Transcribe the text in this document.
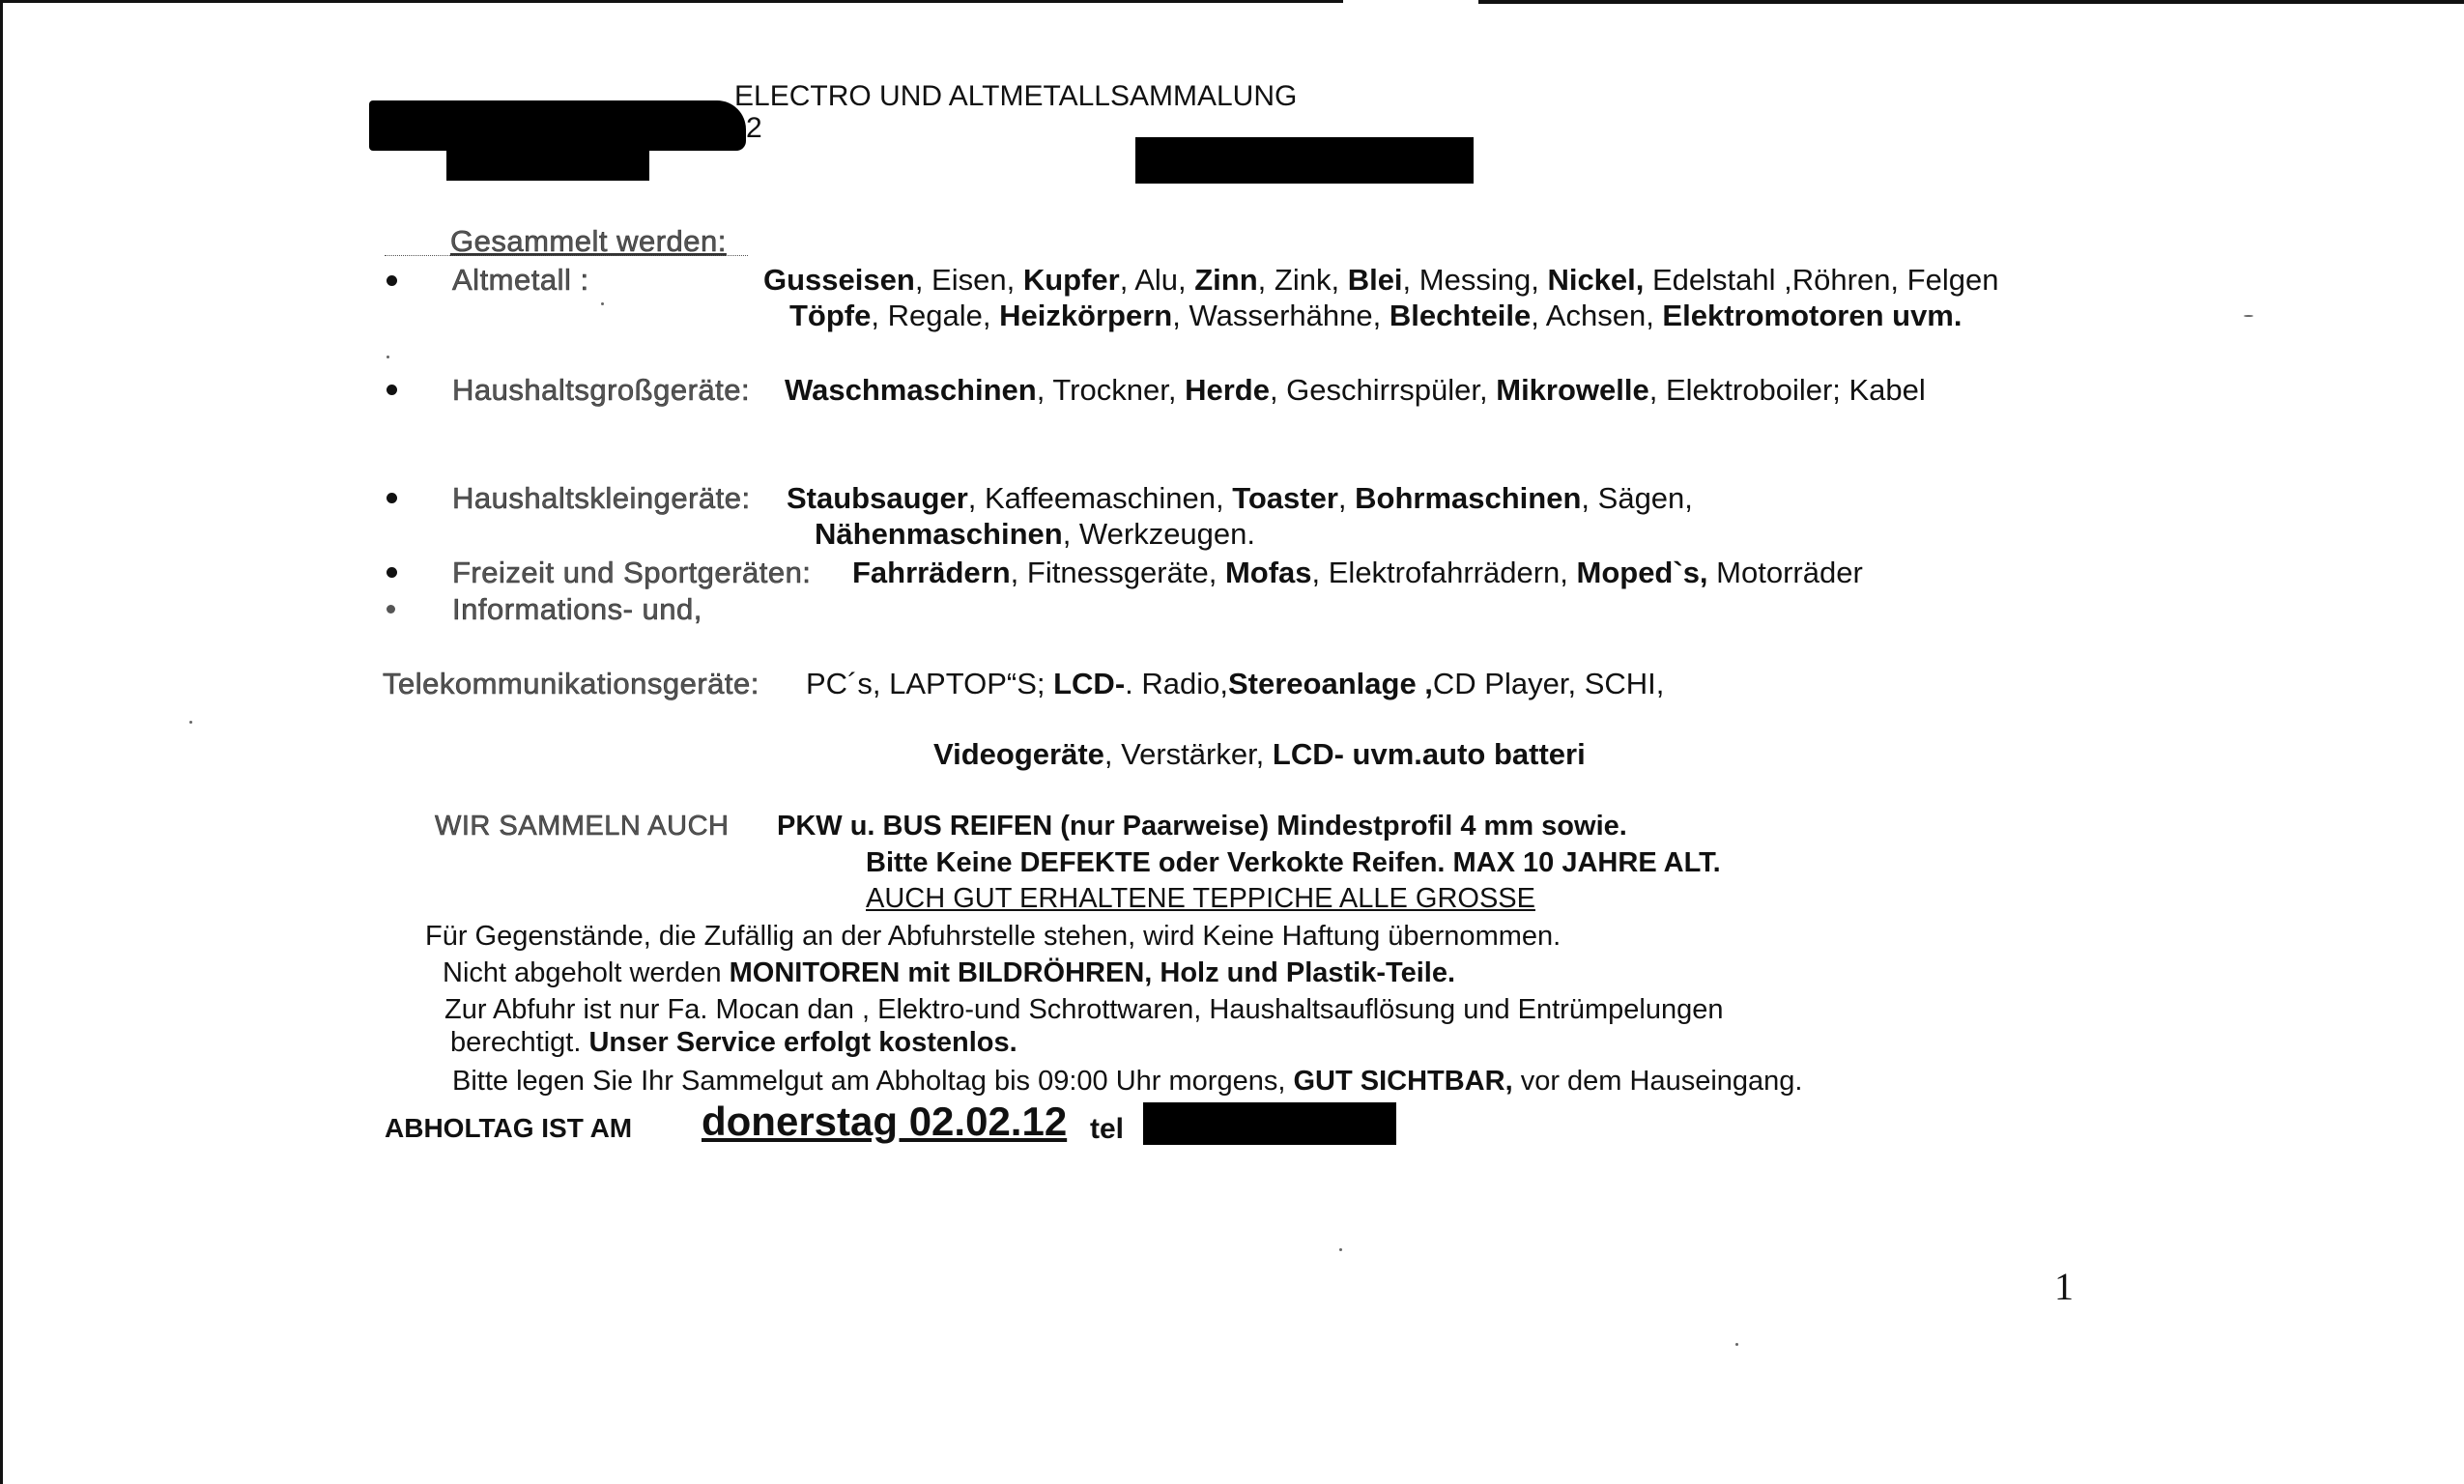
ELECTRO UND ALTMETALLSAMMALUNG
2
Gesammelt werden:
Altmetall :	Gusseisen, Eisen, Kupfer, Alu, Zinn, Zink, Blei, Messing, Nickel, Edelstahl ,Röhren, Felgen
Töpfe, Regale, Heizkörpern, Wasserhähne, Blechteile, Achsen, Elektromotoren uvm.
Haushaltsgroßgeräte: Waschmaschinen, Trockner, Herde, Geschirrspüler, Mikrowelle, Elektroboiler; Kabel
Haushaltskleingeräte: Staubsauger, Kaffeemaschinen, Toaster, Bohrmaschinen, Sägen,
Nähenmaschinen, Werkzeugen.
Freizeit und Sportgeräten: Fahrrädern, Fitnessgeräte, Mofas, Elektrofahrrädern, Moped`s, Motorräder
Informations- und,
Telekommunikationsgeräte: PC´s, LAPTOP“S; LCD-. Radio,Stereoanlage ,CD Player, SCHI,
Videogeräte, Verstärker, LCD- uvm.auto batteri
WIR SAMMELN AUCH PKW u. BUS REIFEN (nur Paarweise) Mindestprofil 4 mm sowie.
Bitte Keine DEFEKTE oder Verkokte Reifen. MAX 10 JAHRE ALT.
AUCH GUT ERHALTENE TEPPICHE ALLE GROSSE
Für Gegenstände, die Zufällig an der Abfuhrstelle stehen, wird Keine Haftung übernommen.
Nicht abgeholt werden MONITOREN mit BILDRÖHREN, Holz und Plastik-Teile.
Zur Abfuhr ist nur Fa. Mocan dan , Elektro-und Schrottwaren, Haushaltsauflösung und Entrümpelungen
berechtigt. Unser Service erfolgt kostenlos.
Bitte legen Sie Ihr Sammelgut am Abholtag bis 09:00 Uhr morgens, GUT SICHTBAR, vor dem Hauseingang.
ABHOLTAG IST AM donerstag 02.02.12 tel
1
